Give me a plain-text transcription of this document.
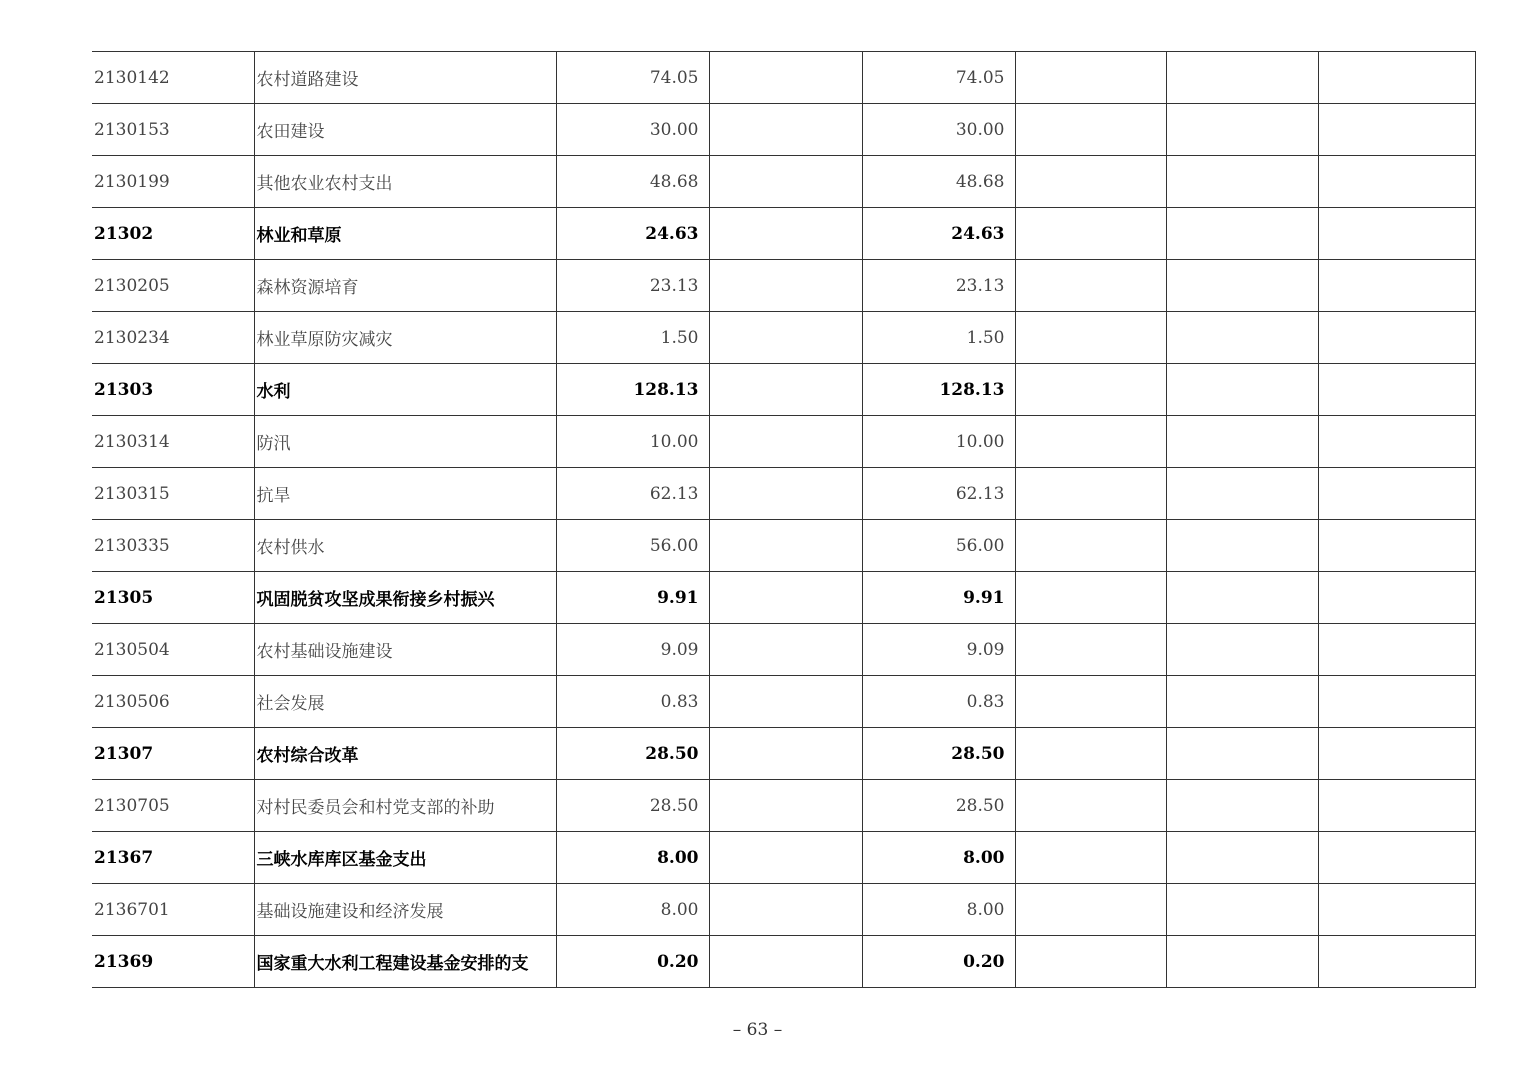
2130142	农村道路建设	74.05		74.05			
2130153	农田建设	30.00		30.00			
2130199	其他农业农村支出	48.68		48.68			
21302	林业和草原	24.63		24.63			
2130205	森林资源培育	23.13		23.13			
2130234	林业草原防灾减灾	1.50		1.50			
21303	水利	128.13		128.13			
2130314	防汛	10.00		10.00			
2130315	抗旱	62.13		62.13			
2130335	农村供水	56.00		56.00			
21305	巩固脱贫攻坚成果衔接乡村振兴	9.91		9.91			
2130504	农村基础设施建设	9.09		9.09			
2130506	社会发展	0.83		0.83			
21307	农村综合改革	28.50		28.50			
2130705	对村民委员会和村党支部的补助	28.50		28.50			
21367	三峡水库库区基金支出	8.00		8.00			
2136701	基础设施建设和经济发展	8.00		8.00			
21369	国家重大水利工程建设基金安排的支	0.20		0.20			
– 63 –
